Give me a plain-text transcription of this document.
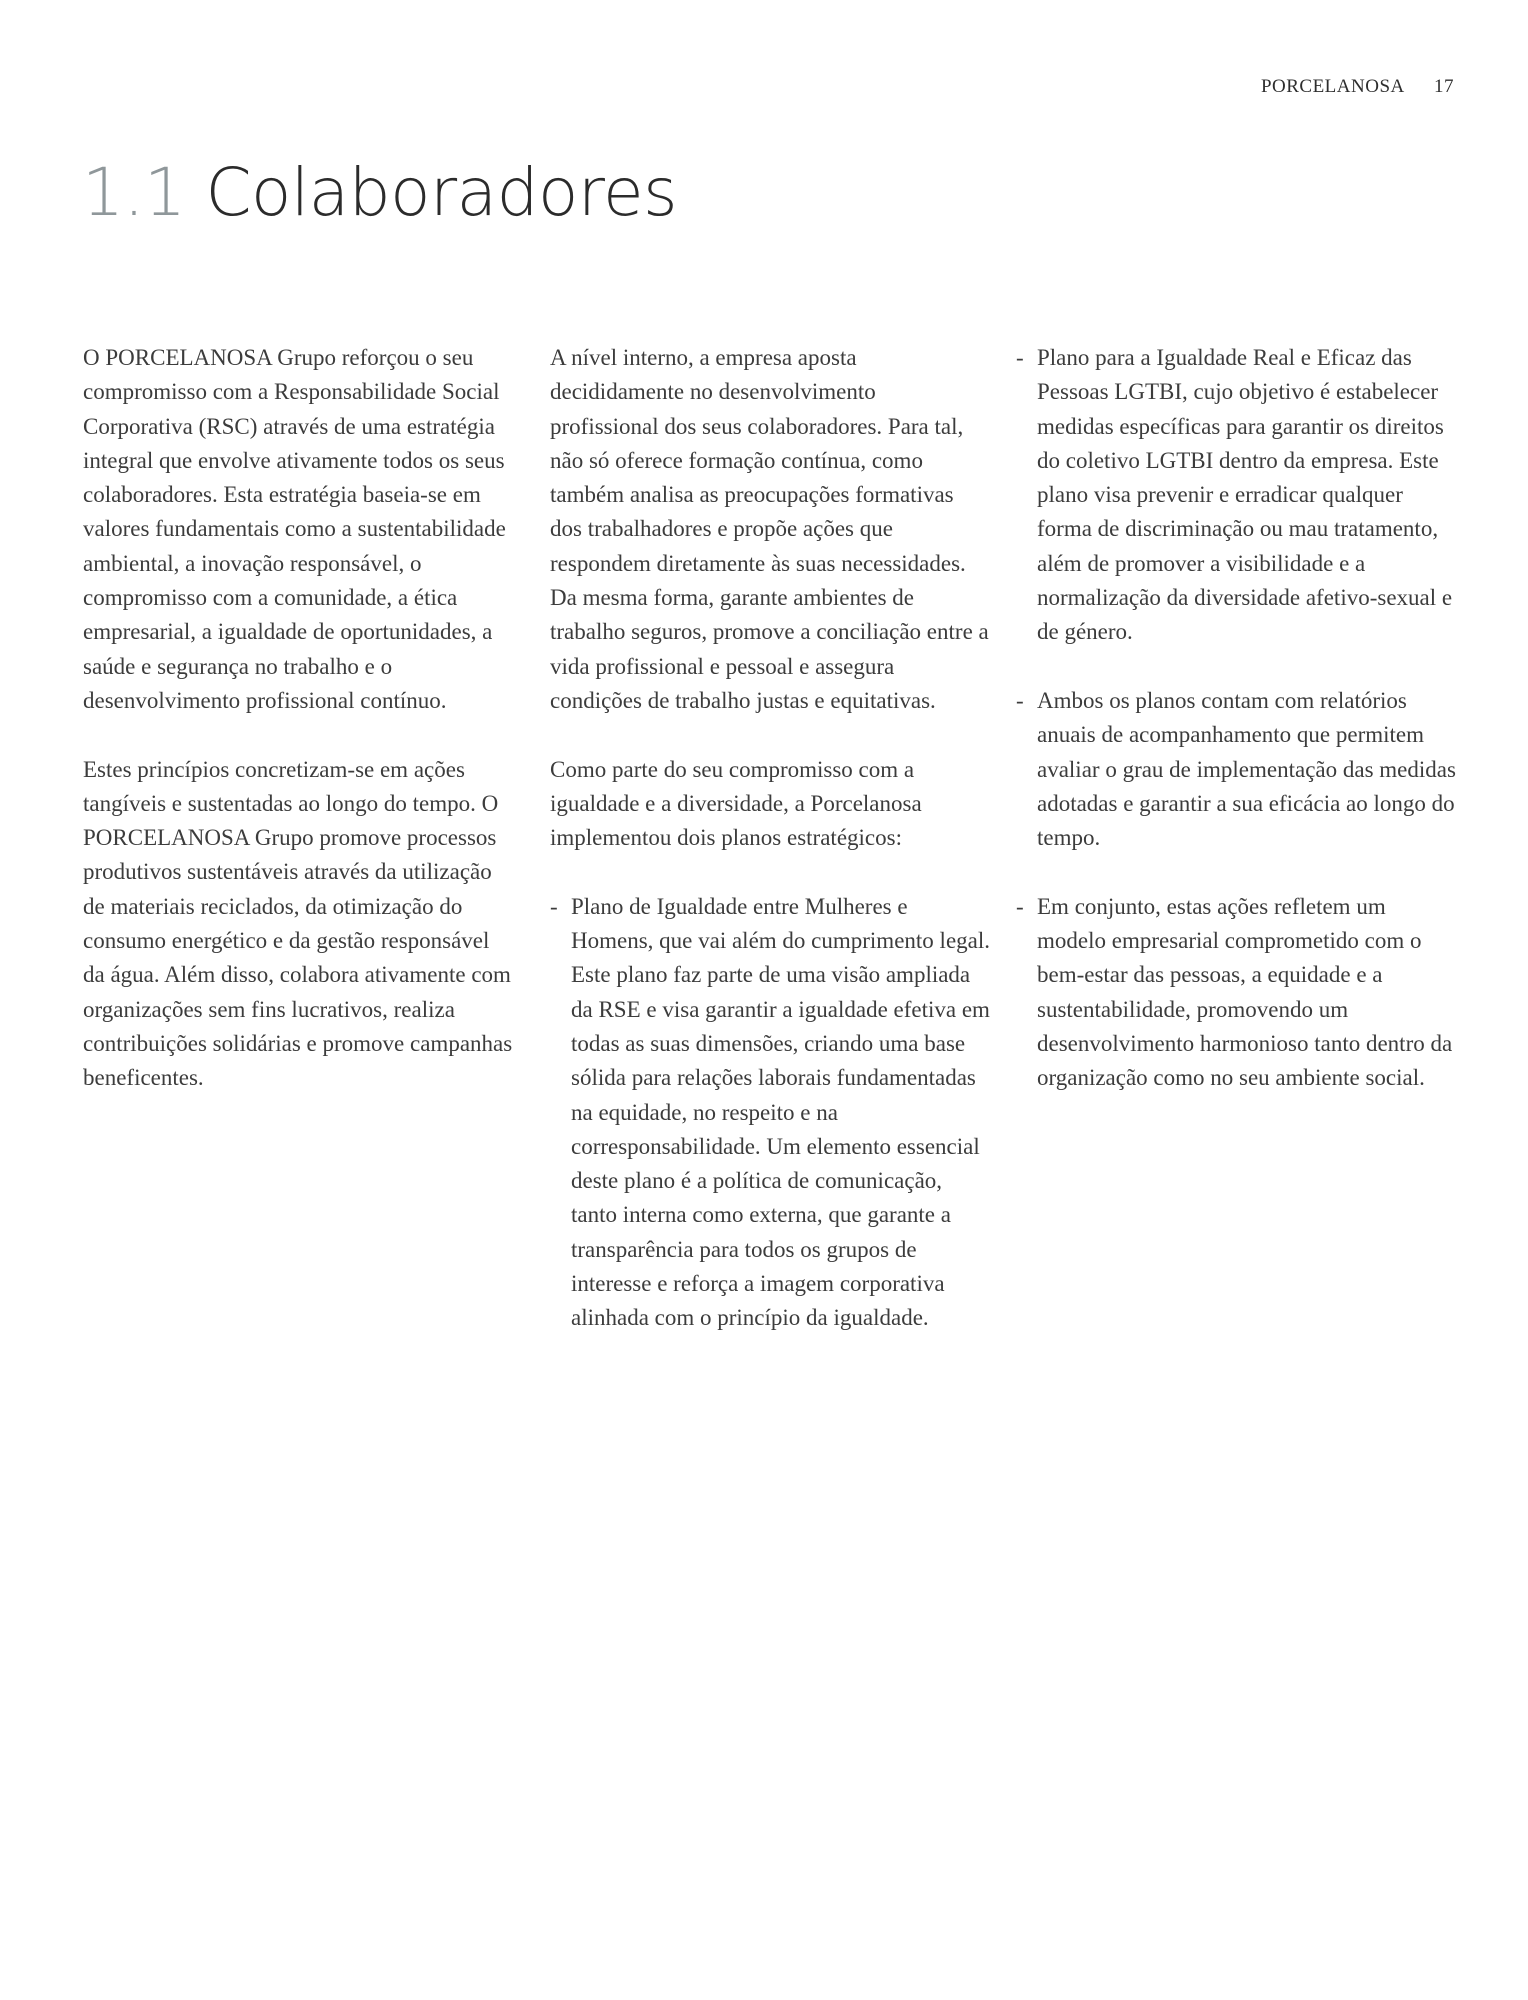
PORCELANOSA 17
1.1 Colaboradores

O PORCELANOSA Grupo reforçou o seu compromisso com a Responsabilidade Social Corporativa (RSC) através de uma estratégia integral que envolve ativamente todos os seus colaboradores. Esta estratégia baseia-se em valores fundamentais como a sustentabilidade ambiental, a inovação responsável, o compromisso com a comunidade, a ética empresarial, a igualdade de oportunidades, a saúde e segurança no trabalho e o desenvolvimento profissional contínuo.

Estes princípios concretizam-se em ações tangíveis e sustentadas ao longo do tempo. O PORCELANOSA Grupo promove processos produtivos sustentáveis através da utilização de materiais reciclados, da otimização do consumo energético e da gestão responsável da água. Além disso, colabora ativamente com organizações sem fins lucrativos, realiza contribuições solidárias e promove campanhas beneficentes.

A nível interno, a empresa aposta decididamente no desenvolvimento profissional dos seus colaboradores. Para tal, não só oferece formação contínua, como também analisa as preocupações formativas dos trabalhadores e propõe ações que respondem diretamente às suas necessidades. Da mesma forma, garante ambientes de trabalho seguros, promove a conciliação entre a vida profissional e pessoal e assegura condições de trabalho justas e equitativas.

Como parte do seu compromisso com a igualdade e a diversidade, a Porcelanosa implementou dois planos estratégicos:

- Plano de Igualdade entre Mulheres e Homens, que vai além do cumprimento legal. Este plano faz parte de uma visão ampliada da RSE e visa garantir a igualdade efetiva em todas as suas dimensões, criando uma base sólida para relações laborais fundamentadas na equidade, no respeito e na corresponsabilidade. Um elemento essencial deste plano é a política de comunicação, tanto interna como externa, que garante a transparência para todos os grupos de interesse e reforça a imagem corporativa alinhada com o princípio da igualdade.
- Plano para a Igualdade Real e Eficaz das Pessoas LGTBI, cujo objetivo é estabelecer medidas específicas para garantir os direitos do coletivo LGTBI dentro da empresa. Este plano visa prevenir e erradicar qualquer forma de discriminação ou mau tratamento, além de promover a visibilidade e a normalização da diversidade afetivo-sexual e de género.
- Ambos os planos contam com relatórios anuais de acompanhamento que permitem avaliar o grau de implementação das medidas adotadas e garantir a sua eficácia ao longo do tempo.
- Em conjunto, estas ações refletem um modelo empresarial comprometido com o bem-estar das pessoas, a equidade e a sustentabilidade, promovendo um desenvolvimento harmonioso tanto dentro da organização como no seu ambiente social.
